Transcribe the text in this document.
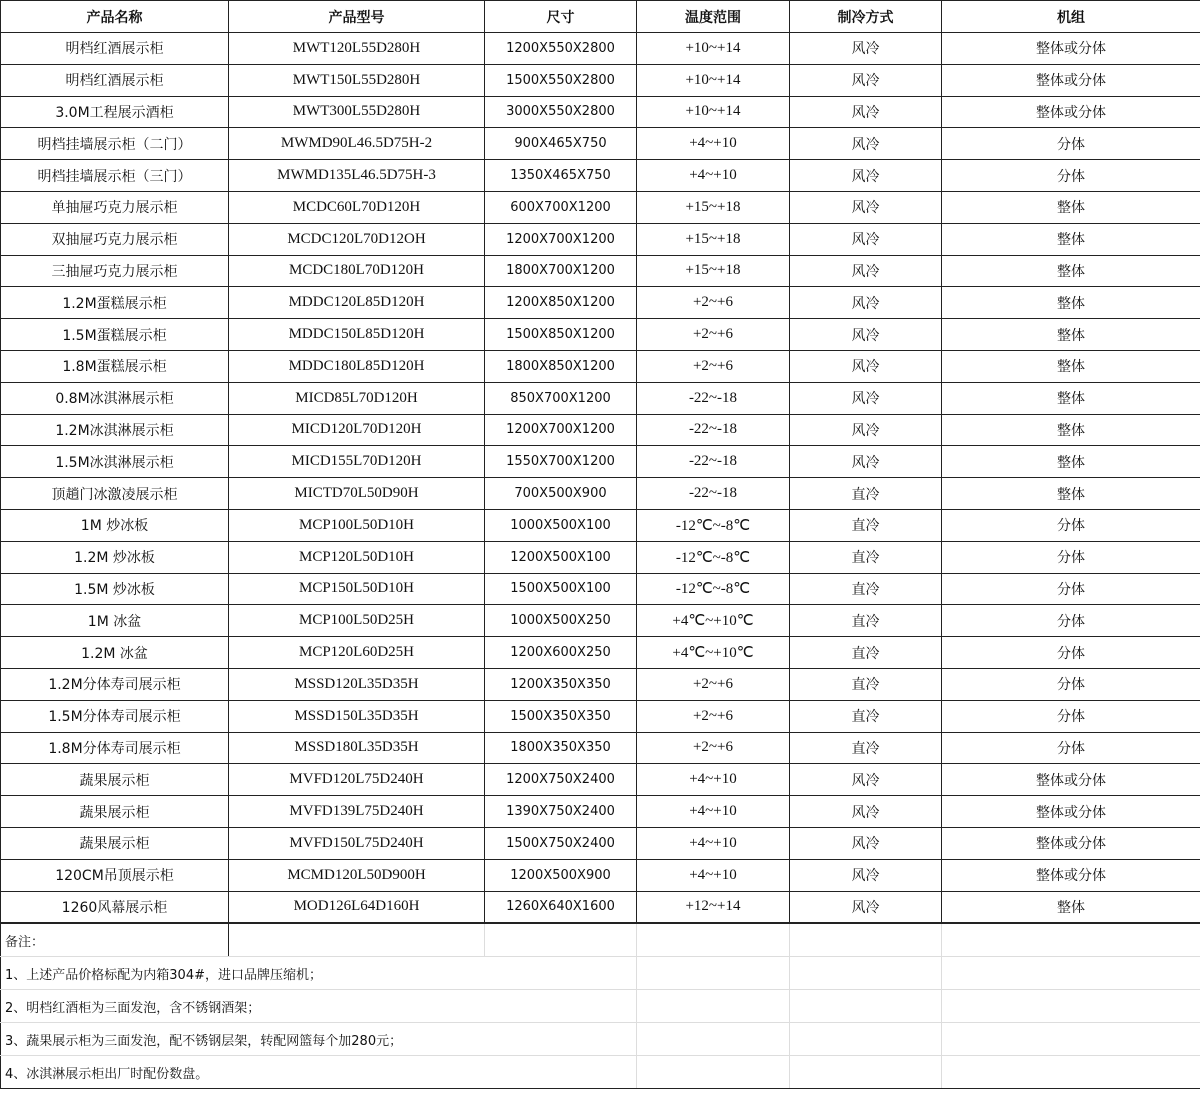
产品名称	产品型号	尺寸	温度范围	制冷方式	机组
明档红酒展示柜	MWT120L55D280H	1200X550X2800	+10~+14	风冷	整体或分体
明档红酒展示柜	MWT150L55D280H	1500X550X2800	+10~+14	风冷	整体或分体
3.0M工程展示酒柜	MWT300L55D280H	3000X550X2800	+10~+14	风冷	整体或分体
明档挂墙展示柜（二门）	MWMD90L46.5D75H-2	900X465X750	+4~+10	风冷	分体
明档挂墙展示柜（三门）	MWMD135L46.5D75H-3	1350X465X750	+4~+10	风冷	分体
单抽屉巧克力展示柜	MCDC60L70D120H	600X700X1200	+15~+18	风冷	整体
双抽屉巧克力展示柜	MCDC120L70D12OH	1200X700X1200	+15~+18	风冷	整体
三抽屉巧克力展示柜	MCDC180L70D120H	1800X700X1200	+15~+18	风冷	整体
1.2M蛋糕展示柜	MDDC120L85D120H	1200X850X1200	+2~+6	风冷	整体
1.5M蛋糕展示柜	MDDC150L85D120H	1500X850X1200	+2~+6	风冷	整体
1.8M蛋糕展示柜	MDDC180L85D120H	1800X850X1200	+2~+6	风冷	整体
0.8M冰淇淋展示柜	MICD85L70D120H	850X700X1200	-22~-18	风冷	整体
1.2M冰淇淋展示柜	MICD120L70D120H	1200X700X1200	-22~-18	风冷	整体
1.5M冰淇淋展示柜	MICD155L70D120H	1550X700X1200	-22~-18	风冷	整体
顶趟门冰激凌展示柜	MICTD70L50D90H	700X500X900	-22~-18	直冷	整体
1M 炒冰板	MCP100L50D10H	1000X500X100	-12℃~-8℃	直冷	分体
1.2M 炒冰板	MCP120L50D10H	1200X500X100	-12℃~-8℃	直冷	分体
1.5M 炒冰板	MCP150L50D10H	1500X500X100	-12℃~-8℃	直冷	分体
1M 冰盆	MCP100L50D25H	1000X500X250	+4℃~+10℃	直冷	分体
1.2M 冰盆	MCP120L60D25H	1200X600X250	+4℃~+10℃	直冷	分体
1.2M分体寿司展示柜	MSSD120L35D35H	1200X350X350	+2~+6	直冷	分体
1.5M分体寿司展示柜	MSSD150L35D35H	1500X350X350	+2~+6	直冷	分体
1.8M分体寿司展示柜	MSSD180L35D35H	1800X350X350	+2~+6	直冷	分体
蔬果展示柜	MVFD120L75D240H	1200X750X2400	+4~+10	风冷	整体或分体
蔬果展示柜	MVFD139L75D240H	1390X750X2400	+4~+10	风冷	整体或分体
蔬果展示柜	MVFD150L75D240H	1500X750X2400	+4~+10	风冷	整体或分体
120CM吊顶展示柜	MCMD120L50D900H	1200X500X900	+4~+10	风冷	整体或分体
1260风幕展示柜	MOD126L64D160H	1260X640X1600	+12~+14	风冷	整体
备注：					
1、上述产品价格标配为内箱304#，进口品牌压缩机；					
2、明档红酒柜为三面发泡，含不锈钢酒架；					
3、蔬果展示柜为三面发泡，配不锈钢层架，转配网篮每个加280元；					
4、冰淇淋展示柜出厂时配份数盘。					
